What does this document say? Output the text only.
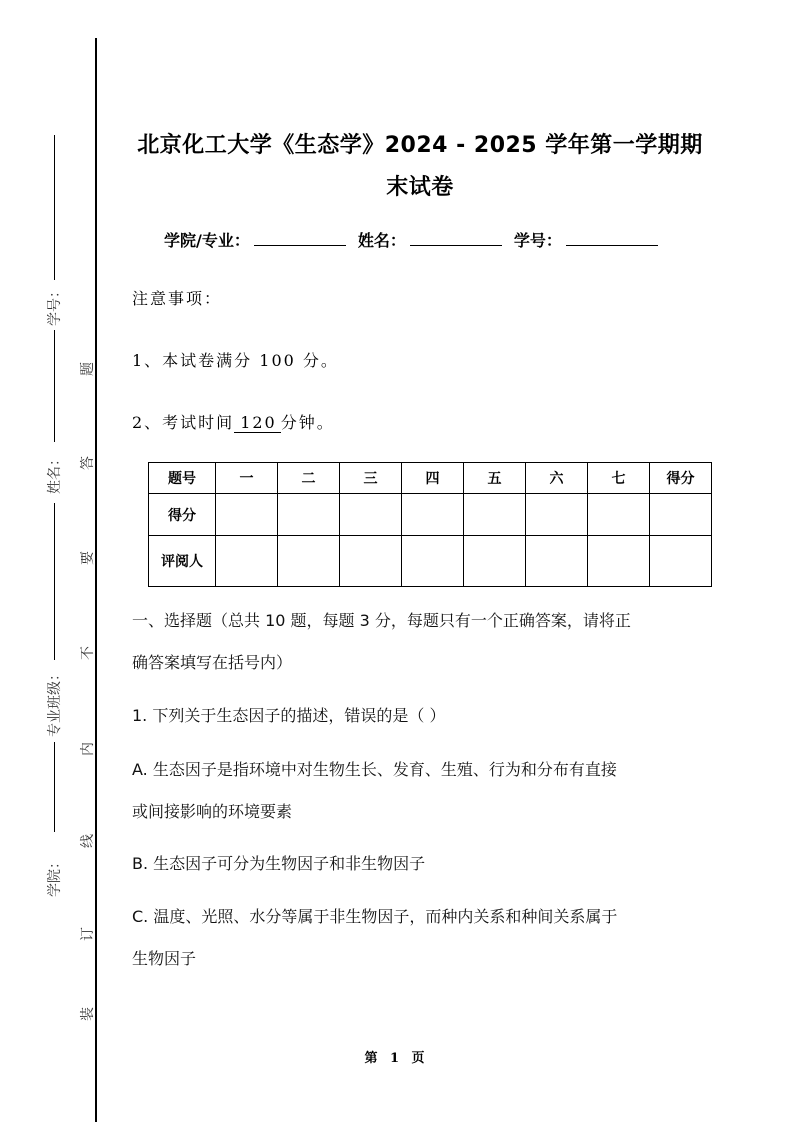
学号：
姓名：
专业班级：
学院：
题
答
要
不
内
线
订
装
北京化工大学《生态学》2024 - 2025 学年第一学期期
末试卷
学院/专业：	姓名：	学号：
注意事项：
1、本试卷满分 100 分。
2、考试时间 120 分钟。
题号	一	二	三	四	五	六	七	得分
得分								
评阅人								
一、选择题（总共 10 题，每题 3 分，每题只有一个正确答案，请将正
确答案填写在括号内）
1. 下列关于生态因子的描述，错误的是（ ）
A. 生态因子是指环境中对生物生长、发育、生殖、行为和分布有直接
或间接影响的环境要素
B. 生态因子可分为生物因子和非生物因子
C. 温度、光照、水分等属于非生物因子，而种内关系和种间关系属于
生物因子
第 1 页
